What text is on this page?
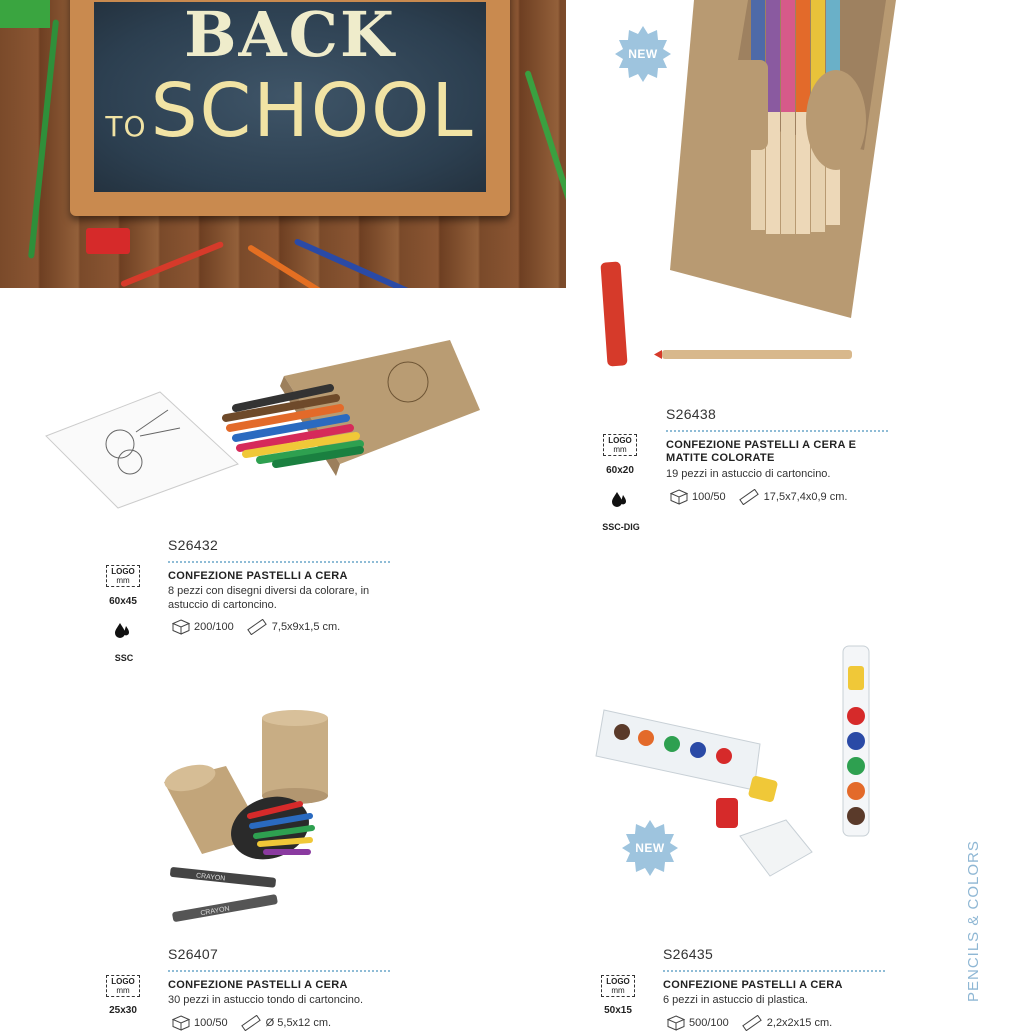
BACK
TOSCHOOL
NEW
S26438
CONFEZIONE PASTELLI A CERA E
MATITE COLORATE
19 pezzi in astuccio di cartoncino.
100/50	17,5x7,4x0,9 cm.
LOGO
mm
60x20
SSC-DIG
S26432
CONFEZIONE PASTELLI A CERA
8 pezzi con disegni diversi da colorare, in
astuccio di cartoncino.
200/100	7,5x9x1,5 cm.
LOGO
mm
60x45
SSC
CRAYON
CRAYON
S26407
CONFEZIONE PASTELLI A CERA
30 pezzi in astuccio tondo di cartoncino.
100/50	Ø 5,5x12 cm.
LOGO
mm
25x30
NEW
S26435
CONFEZIONE PASTELLI A CERA
6 pezzi in astuccio di plastica.
500/100	2,2x2x15 cm.
LOGO
mm
50x15
PENCILS & COLORS
